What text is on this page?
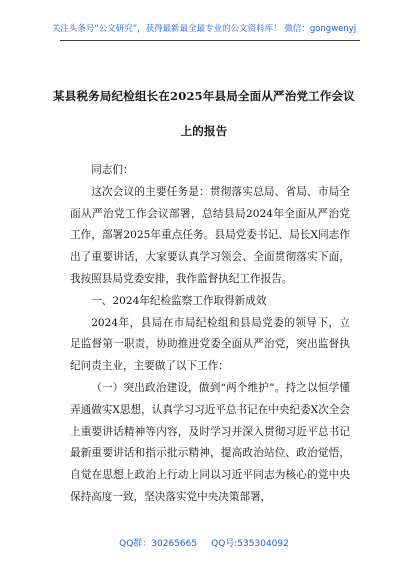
关注头条号“公文研究”，获得最新最全最专业的公文资料库！ 微信：gongwenyj
某县税务局纪检组长在2025年县局全面从严治党工作会议
上的报告

同志们：

这次会议的主要任务是：贯彻落实总局、省局、市局全面从严治党工作会议部署，总结县局2024年全面从严治党工作，部署2025年重点任务。县局党委书记、局长X同志作出了重要讲话，大家要认真学习领会、全面贯彻落实下面，我按照县局党委安排，我作监督执纪工作报告。

一、2024年纪检监察工作取得新成效

2024年，县局在市局纪检组和县局党委的领导下，立足监督第一职责，协助推进党委全面从严治党，突出监督执纪问责主业，主要做了以下工作：

（一）突出政治建设，做到“两个维护”。持之以恒学懂弄通做实X思想，认真学习习近平总书记在中央纪委X次全会上重要讲话精神等内容，及时学习并深入贯彻习近平总书记最新重要讲话和指示批示精神，提高政治站位、政治觉悟，自觉在思想上政治上行动上同以习近平同志为核心的党中央保持高度一致，坚决落实党中央决策部署，

QQ群：30265665 QQ号:535304092
